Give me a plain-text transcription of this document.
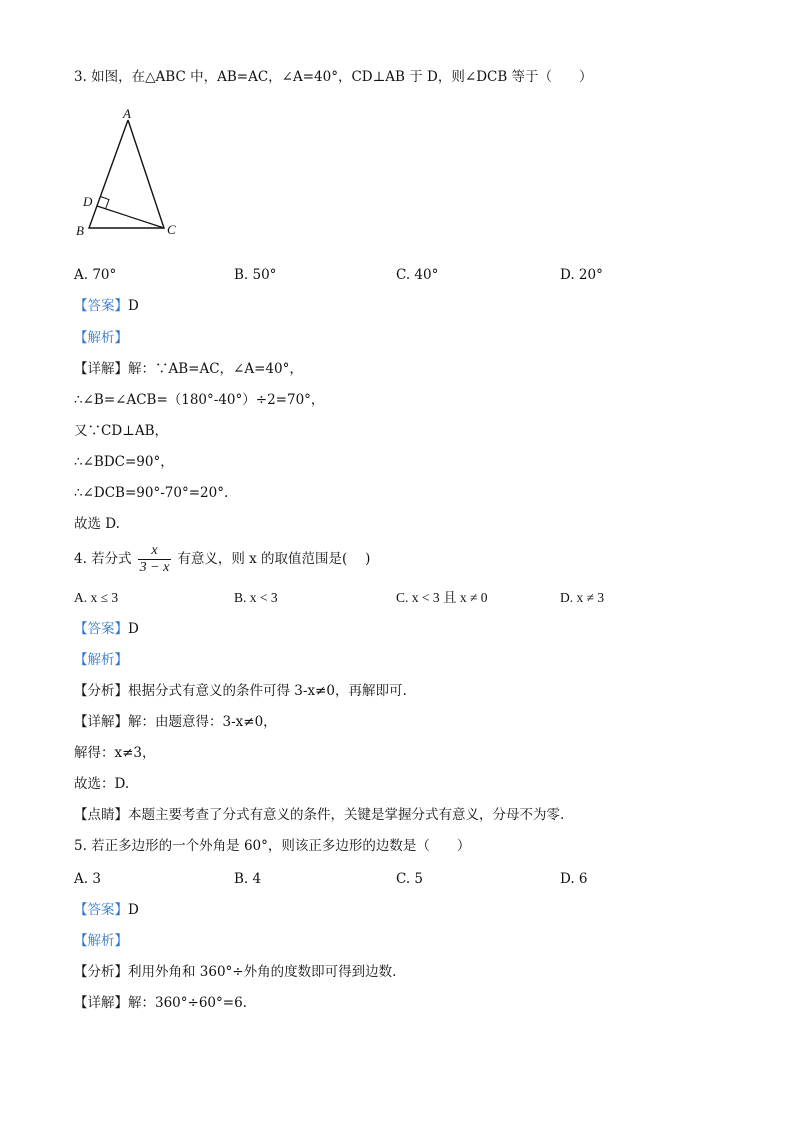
3. 如图，在△ABC 中，AB=AC，∠A=40°，CD⊥AB 于 D，则∠DCB 等于（　　）
A
D
B	C
A. 70°	B. 50°	C. 40°	D. 20°
【答案】D
【解析】
【详解】解：∵AB=AC，∠A=40°，
∴∠B=∠ACB=（180°-40°）÷2=70°，
又∵CD⊥AB，
∴∠BDC=90°，
∴∠DCB=90°-70°=20°.
故选 D.
4. 若分式 $\frac{x}{3 - x}$ 有意义，则 x 的取值范围是(　 )
A. x ≤ 3	B. x < 3	C. x < 3 且 x ≠ 0	D. x ≠ 3
【答案】D
【解析】
【分析】根据分式有意义的条件可得 3-x≠0，再解即可.
【详解】解：由题意得：3-x≠0，
解得：x≠3，
故选：D.
【点睛】本题主要考查了分式有意义的条件，关键是掌握分式有意义，分母不为零.
5. 若正多边形的一个外角是 60°，则该正多边形的边数是（　　）
A. 3	B. 4	C. 5	D. 6
【答案】D
【解析】
【分析】利用外角和 360°÷外角的度数即可得到边数.
【详解】解：360°÷60°=6.
